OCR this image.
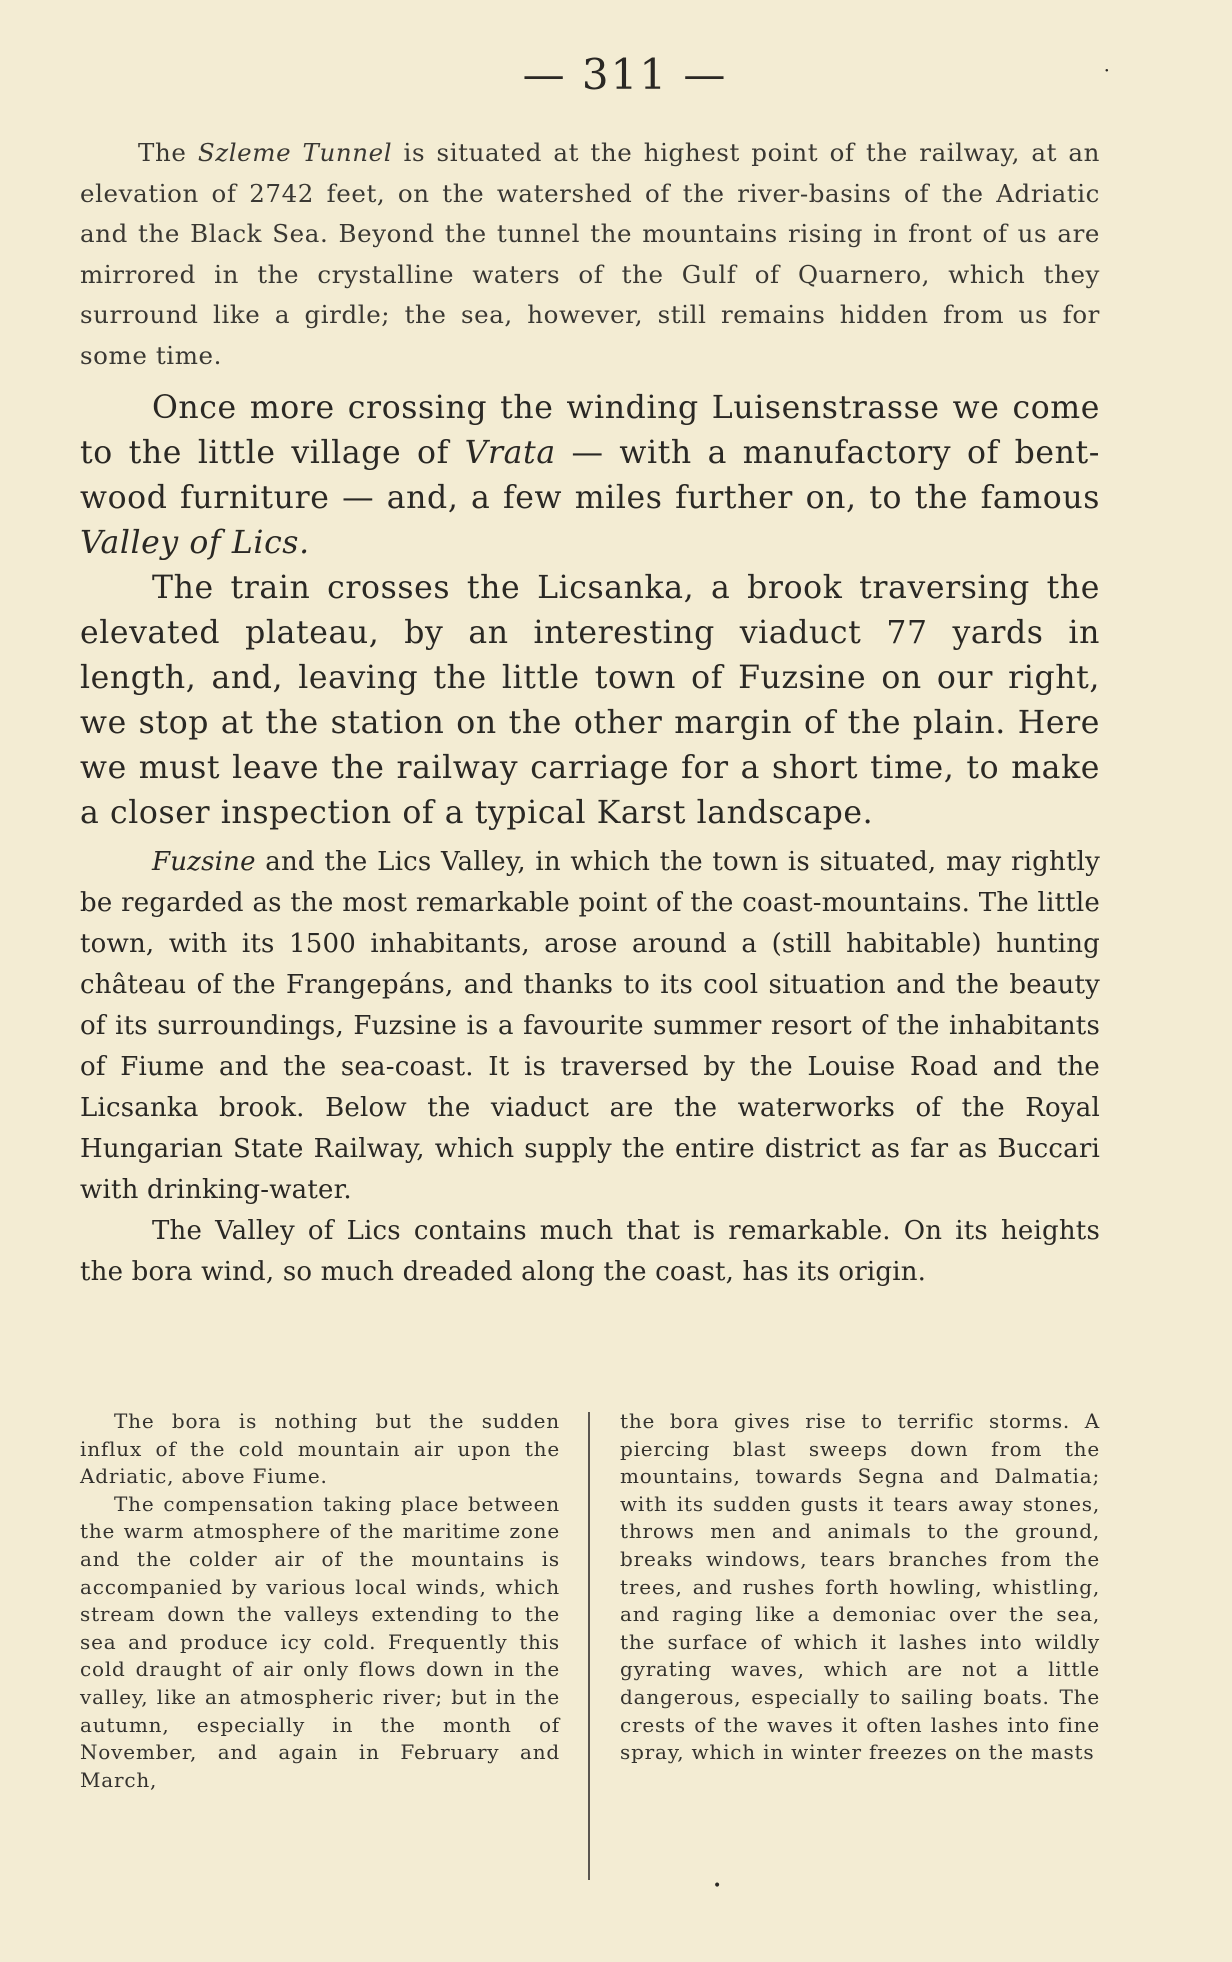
— 311 —	·

The Szleme Tunnel is situated at the highest point of the railway, at an elevation of 2742 feet, on the watershed of the river-basins of the Adriatic and the Black Sea. Beyond the tunnel the mountains rising in front of us are mirrored in the crystalline waters of the Gulf of Quarnero, which they surround like a girdle; the sea, however, still remains hidden from us for some time.

Once more crossing the winding Luisenstrasse we come to the little village of Vrata — with a manufactory of bent-wood furniture — and, a few miles further on, to the famous Valley of Lics.

The train crosses the Licsanka, a brook traversing the elevated plateau, by an interesting viaduct 77 yards in length, and, leaving the little town of Fuzsine on our right, we stop at the station on the other margin of the plain. Here we must leave the railway carriage for a short time, to make a closer inspection of a typical Karst landscape.

Fuzsine and the Lics Valley, in which the town is situated, may rightly be regarded as the most remarkable point of the coast-mountains. The little town, with its 1500 inhabitants, arose around a (still habitable) hunting château of the Frangepáns, and thanks to its cool situation and the beauty of its surroundings, Fuzsine is a favourite summer resort of the inhabitants of Fiume and the sea-coast. It is traversed by the Louise Road and the Licsanka brook. Below the viaduct are the waterworks of the Royal Hungarian State Railway, which supply the entire district as far as Buccari with drinking-water.

The Valley of Lics contains much that is remarkable. On its heights the bora wind, so much dreaded along the coast, has its origin.

The bora is nothing but the sudden influx of the cold mountain air upon the Adriatic, above Fiume.

The compensation taking place between the warm atmosphere of the maritime zone and the colder air of the mountains is accompanied by various local winds, which stream down the valleys extending to the sea and produce icy cold. Frequently this cold draught of air only flows down in the valley, like an atmospheric river; but in the autumn, especially in the month of November, and again in February and March,

the bora gives rise to terrific storms. A piercing blast sweeps down from the mountains, towards Segna and Dalmatia; with its sudden gusts it tears away stones, throws men and animals to the ground, breaks windows, tears branches from the trees, and rushes forth howling, whistling, and raging like a demoniac over the sea, the surface of which it lashes into wildly gyrating waves, which are not a little dangerous, especially to sailing boats. The crests of the waves it often lashes into fine spray, which in winter freezes on the masts

•
